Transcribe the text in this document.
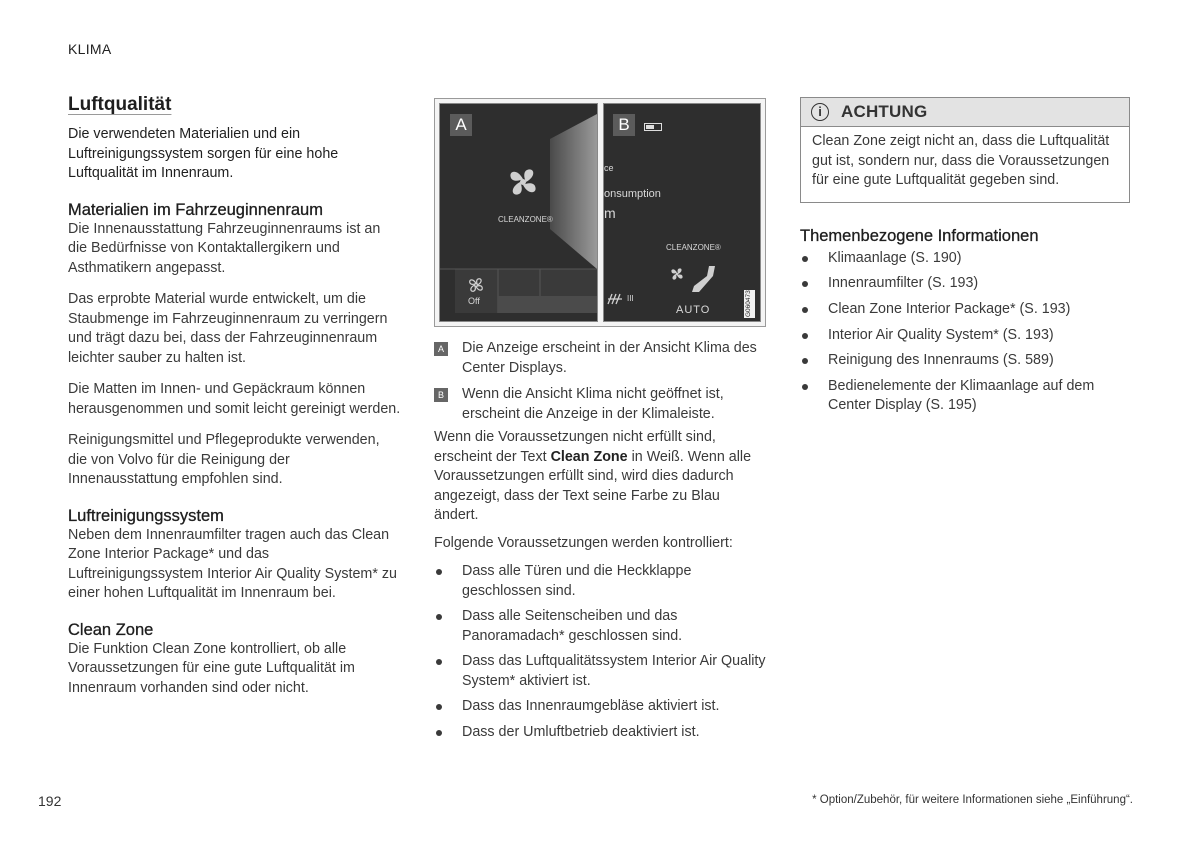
KLIMA
Luftqualität

Die verwendeten Materialien und ein Luftreinigungssystem sorgen für eine hohe Luftqualität im Innenraum.

Materialien im Fahrzeuginnenraum

Die Innenausstattung Fahrzeuginnenraums ist an die Bedürfnisse von Kontaktallergikern und Asthmatikern angepasst.

Das erprobte Material wurde entwickelt, um die Staubmenge im Fahrzeuginnenraum zu verringern und trägt dazu bei, dass der Fahrzeuginnenraum leichter sauber zu halten ist.

Die Matten im Innen- und Gepäckraum können herausgenommen und somit leicht gereinigt werden.

Reinigungsmittel und Pflegeprodukte verwenden, die von Volvo für die Reinigung der Innenausstattung empfohlen sind.

Luftreinigungssystem

Neben dem Innenraumfilter tragen auch das Clean Zone Interior Package* und das Luftreinigungssystem Interior Air Quality System* zu einer hohen Luftqualität im Innenraum bei.

Clean Zone

Die Funktion Clean Zone kontrolliert, ob alle Voraussetzungen für eine gute Luftqualität im Innenraum vorhanden sind oder nicht.

A
CLEANZONE®
Off
B
ce
onsumption
m
CLEANZONE®
III
AUTO	G060473
A Die Anzeige erscheint in der Ansicht Klima des Center Displays.
B Wenn die Ansicht Klima nicht geöffnet ist, erscheint die Anzeige in der Klimaleiste.

Wenn die Voraussetzungen nicht erfüllt sind, erscheint der Text Clean Zone in Weiß. Wenn alle Voraussetzungen erfüllt sind, wird dies dadurch angezeigt, dass der Text seine Farbe zu Blau ändert.

Folgende Voraussetzungen werden kontrolliert:

Dass alle Türen und die Heckklappe geschlossen sind.
Dass alle Seitenscheiben und das Panoramadach* geschlossen sind.
Dass das Luftqualitätssystem Interior Air Quality System* aktiviert ist.
Dass das Innenraumgebläse aktiviert ist.
Dass der Umluftbetrieb deaktiviert ist.
i	ACHTUNG
Clean Zone zeigt nicht an, dass die Luftqualität gut ist, sondern nur, dass die Voraussetzungen für eine gute Luftqualität gegeben sind.
Themenbezogene Informationen
Klimaanlage (S. 190)
Innenraumfilter (S. 193)
Clean Zone Interior Package* (S. 193)
Interior Air Quality System* (S. 193)
Reinigung des Innenraums (S. 589)
Bedienelemente der Klimaanlage auf dem Center Display (S. 195)
192	* Option/Zubehör, für weitere Informationen siehe „Einführung“.
